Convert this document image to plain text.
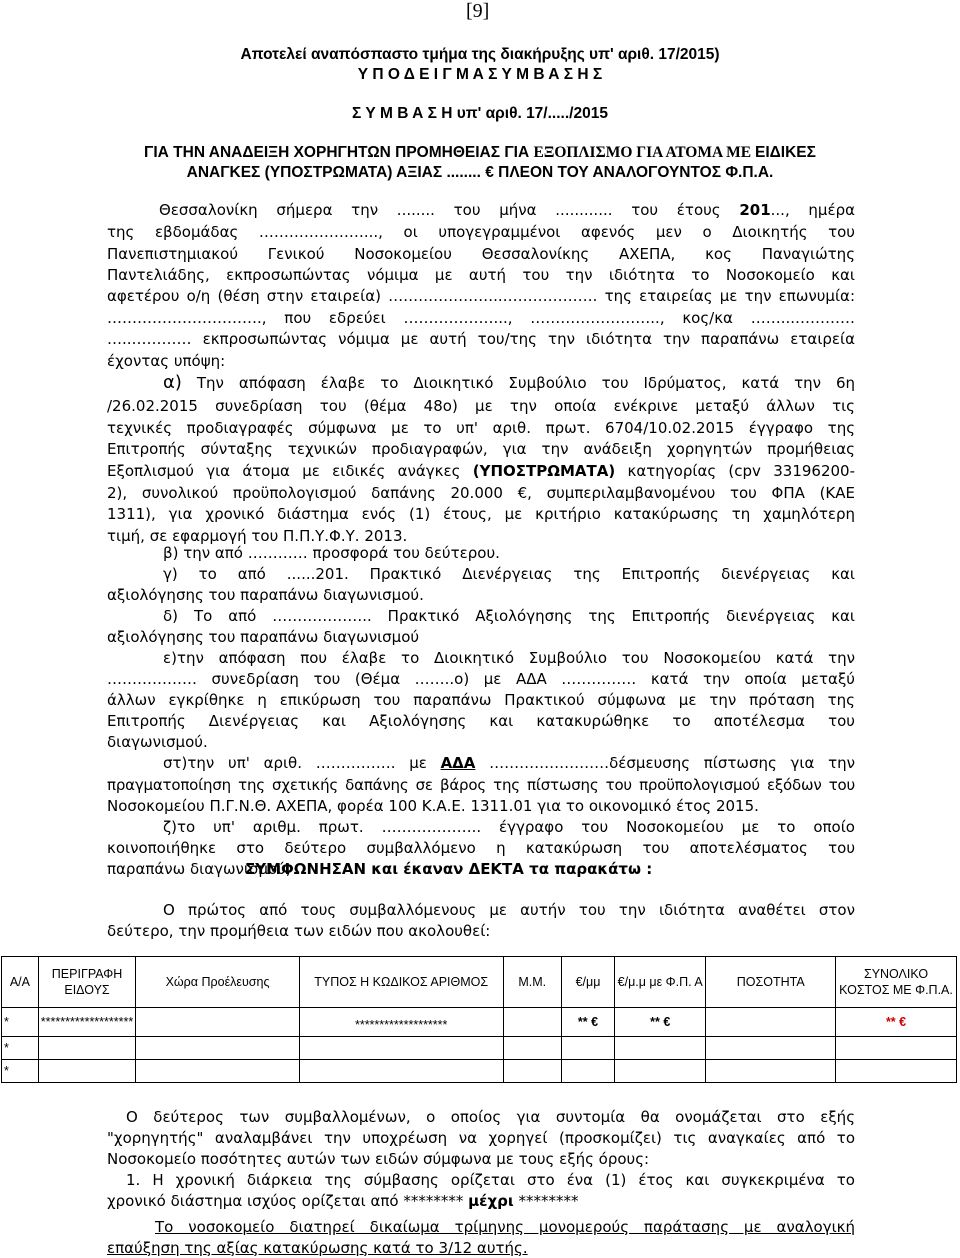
[9]
Αποτελεί αναπόσπαστο τμήμα της διακήρυξης υπ' αριθ. 17/2015)
Υ Π Ο Δ Ε Ι Γ Μ Α Σ Υ Μ Β Α Σ Η Σ
Σ Υ Μ Β Α Σ Η υπ' αριθ. 17/...../2015
ΓΙΑ ΤΗΝ ΑΝΑΔΕΙΞΗ ΧΟΡΗΓΗΤΩΝ ΠΡΟΜΗΘΕΙΑΣ ΓΙΑ ΕΞΟΠΛΙΣΜΟ ΓΙΑ ΑΤΟΜΑ ΜΕ ΕΙΔΙΚΕΣ
ΑΝΑΓΚΕΣ (ΥΠΟΣΤΡΩΜΑΤΑ) ΑΞΙΑΣ ........ € ΠΛΕΟΝ ΤΟΥ ΑΝΑΛΟΓΟΥΝΤΟΣ Φ.Π.Α.
Θεσσαλονίκη σήμερα την ........ του μήνα ............ του έτους 201..., ημέρα
της εβδομάδας …………………..., οι υπογεγραμμένοι αφενός μεν ο Διοικητής του
Πανεπιστημιακού Γενικού Νοσοκομείου Θεσσαλονίκης ΑΧΕΠΑ, κος Παναγιώτης
Παντελιάδης, εκπροσωπώντας νόμιμα με αυτή του την ιδιότητα το Νοσοκομείο και
αφετέρου ο/η (θέση στην εταιρεία) …………………..………………. της εταιρείας με την επωνυμία:
…………………………., που εδρεύει ………………..., …………………….., κος/κα ……...…………
…..………… εκπροσωπώντας νόμιμα με αυτή του/της την ιδιότητα την παραπάνω εταιρεία
έχοντας υπόψη:
α) Την απόφαση έλαβε το Διοικητικό Συμβούλιο του Ιδρύματος, κατά την 6η
/26.02.2015 συνεδρίαση του (θέμα 48ο) με την οποία ενέκρινε μεταξύ άλλων τις
τεχνικές προδιαγραφές σύμφωνα με το υπ' αριθ. πρωτ. 6704/10.02.2015 έγγραφο της
Επιτροπής σύνταξης τεχνικών προδιαγραφών, για την ανάδειξη χορηγητών προμήθειας
Εξοπλισμού για άτομα με ειδικές ανάγκες (ΥΠΟΣΤΡΩΜΑΤΑ) κατηγορίας (cpv 33196200-
2), συνολικού προϋπολογισμού δαπάνης 20.000 €, συμπεριλαμβανομένου του ΦΠΑ (ΚΑΕ
1311), για χρονικό διάστημα ενός (1) έτους, με κριτήριο κατακύρωσης τη χαμηλότερη
τιμή, σε εφαρμογή του Π.Π.Υ.Φ.Υ. 2013.
β) την από ………… προσφορά του δεύτερου.
γ) το από ......201. Πρακτικό Διενέργειας της Επιτροπής διενέργειας και
αξιολόγησης του παραπάνω διαγωνισμού.
δ) Το από ……………….. Πρακτικό Αξιολόγησης της Επιτροπής διενέργειας και
αξιολόγησης του παραπάνω διαγωνισμού
ε)την απόφαση που έλαβε το Διοικητικό Συμβούλιο του Νοσοκομείου κατά την
……………… συνεδρίαση του (Θέμα ……..ο) με ΑΔΑ …………… κατά την οποία μεταξύ
άλλων εγκρίθηκε η επικύρωση του παραπάνω Πρακτικού σύμφωνα με την πρόταση της
Επιτροπής Διενέργειας και Αξιολόγησης και κατακυρώθηκε το αποτέλεσμα του
διαγωνισμού.
στ)την υπ' αριθ. ……………. με ΑΔΑ ……………………δέσμευσης πίστωσης για την
πραγματοποίηση της σχετικής δαπάνης σε βάρος της πίστωσης του προϋπολογισμού εξόδων του
Νοσοκομείου Π.Γ.Ν.Θ. ΑΧΕΠΑ, φορέα 100 Κ.Α.Ε. 1311.01 για το οικονομικό έτος 2015.
ζ)το υπ' αριθμ. πρωτ. ……………….. έγγραφο του Νοσοκομείου με το οποίο
κοινοποιήθηκε στο δεύτερο συμβαλλόμενο η κατακύρωση του αποτελέσματος του
παραπάνω διαγωνισμού,
ΣΥΜΦΩΝΗΣΑΝ και έκαναν ΔΕΚΤΑ τα παρακάτω :
Ο πρώτος από τους συμβαλλόμενους με αυτήν του την ιδιότητα αναθέτει στον
δεύτερο, την προμήθεια των ειδών που ακολουθεί:
Α/Α	ΠΕΡΙΓΡΑΦΗ ΕΙΔΟΥΣ	Χώρα Προέλευσης	ΤΥΠΟΣ Η ΚΩΔΙΚΟΣ ΑΡΙΘΜΟΣ	Μ.Μ.	€/μμ	€/μ.μ με Φ.Π. Α	ΠΟΣΟΤΗΤΑ	ΣΥΝΟΛΙΚΟ ΚΟΣΤΟΣ ΜΕ Φ.Π.Α.
*	*******************		*******************		** €	** €		** €
*								
*								
Ο δεύτερος των συμβαλλομένων, ο οποίος για συντομία θα ονομάζεται στο εξής
"χορηγητής" αναλαμβάνει την υποχρέωση να χορηγεί (προσκομίζει) τις αναγκαίες από το
Νοσοκομείο ποσότητες αυτών των ειδών σύμφωνα με τους εξής όρους:
1. Η χρονική διάρκεια της σύμβασης ορίζεται στο ένα (1) έτος και συγκεκριμένα το
χρονικό διάστημα ισχύος ορίζεται από ******** μέχρι ********
Το νοσοκομείο διατηρεί δικαίωμα τρίμηνης μονομερούς παράτασης με αναλογική
επαύξηση της αξίας κατακύρωσης κατά το 3/12 αυτής.
